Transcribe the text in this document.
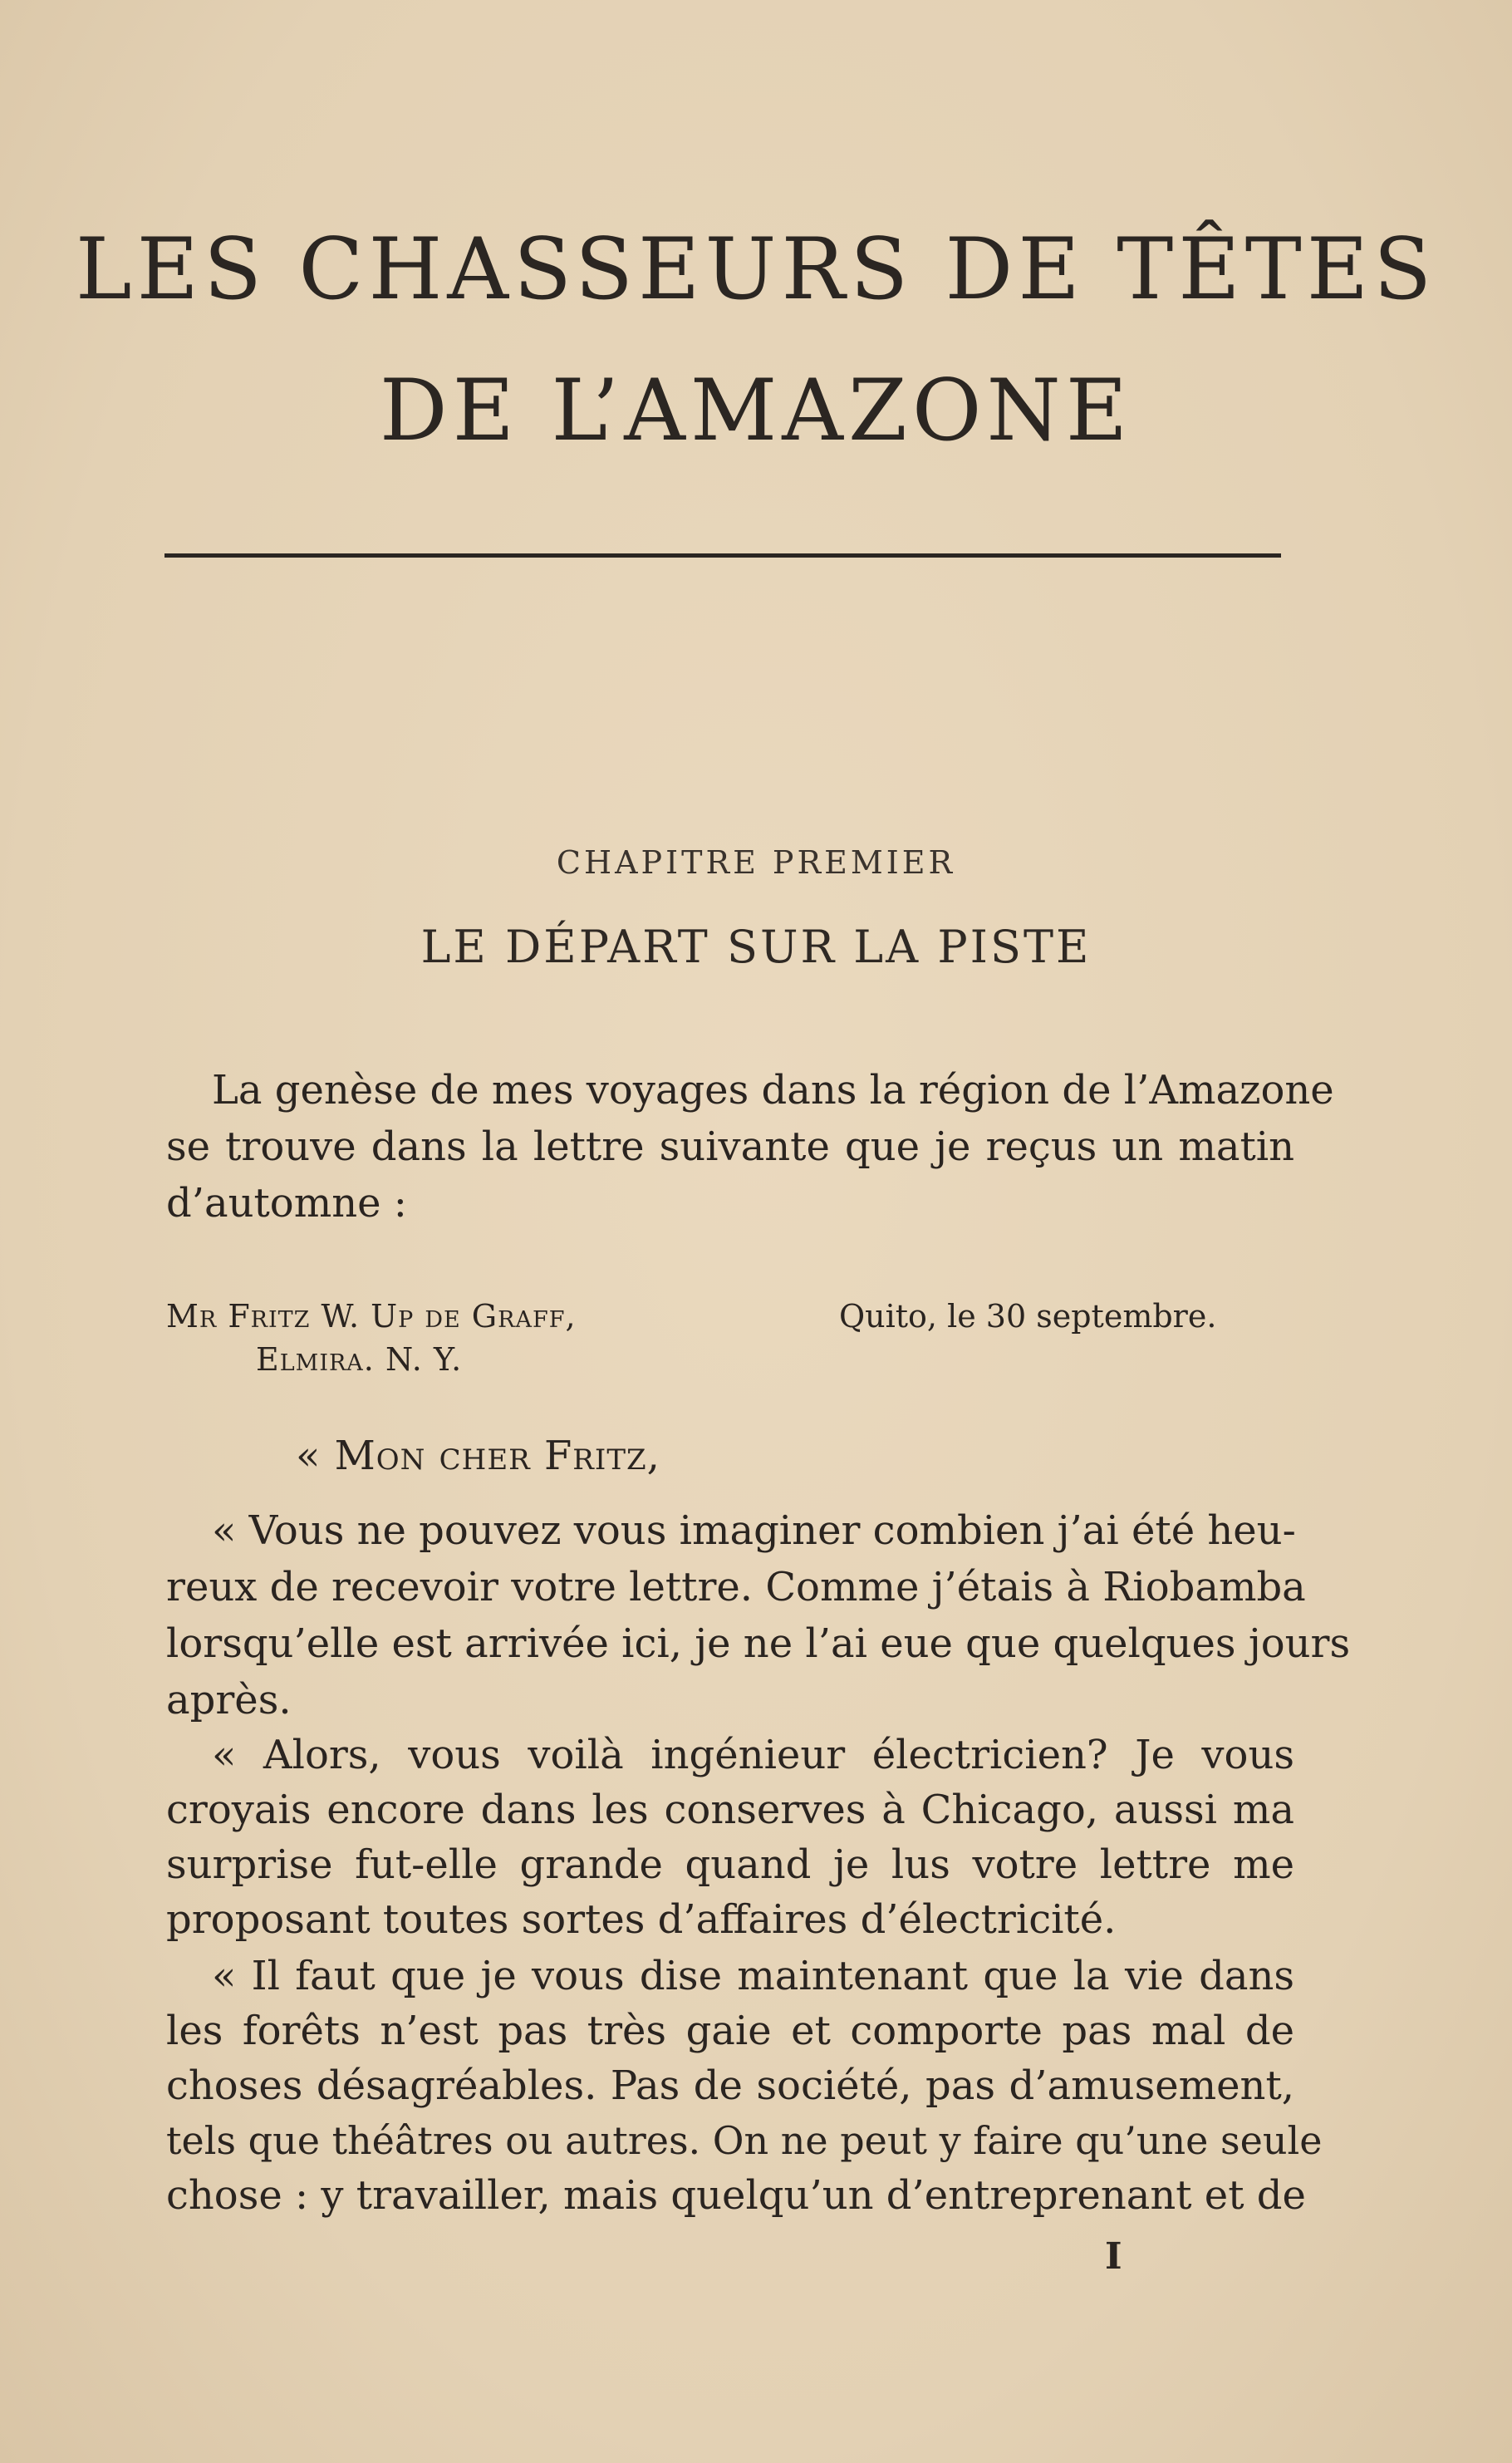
LES CHASSEURS DE TÊTES
DE L’AMAZONE
CHAPITRE PREMIER
LE DÉPART SUR LA PISTE
La genèse de mes voyages dans la région de l’Amazone
se trouve dans la lettre suivante que je reçus un matin
d’automne :
Mr Fritz W. Up de Graff,
Elmira. N. Y.
Quito, le 30 septembre.
« Mon cher Fritz,
« Vous ne pouvez vous imaginer combien j’ai été heu-
reux de recevoir votre lettre. Comme j’étais à Riobamba
lorsqu’elle est arrivée ici, je ne l’ai eue que quelques jours
après.
« Alors, vous voilà ingénieur électricien? Je vous
croyais encore dans les conserves à Chicago, aussi ma
surprise fut-elle grande quand je lus votre lettre me
proposant toutes sortes d’affaires d’électricité.
« Il faut que je vous dise maintenant que la vie dans
les forêts n’est pas très gaie et comporte pas mal de
choses désagréables. Pas de société, pas d’amusement,
tels que théâtres ou autres. On ne peut y faire qu’une seule
chose : y travailler, mais quelqu’un d’entreprenant et de
I
